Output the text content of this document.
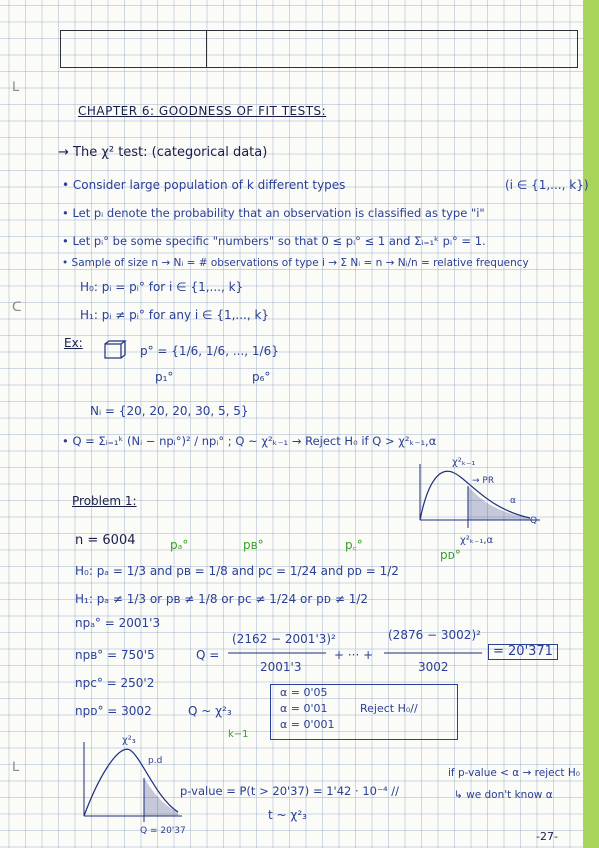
ᒪ
ᑕ
ᒪ
CHAPTER 6: GOODNESS OF FIT TESTS:
→ The χ² test: (categorical data)
• Consider large population of k different types	(i ∈ {1,..., k})
• Let pᵢ denote the probability that an observation is classified as type "i"
• Let pᵢ° be some specific "numbers" so that 0 ≤ pᵢ° ≤ 1 and Σᵢ₌₁ᵏ pᵢ° = 1.
• Sample of size n → Nᵢ = # observations of type i → Σ Nᵢ = n → Nᵢ/n = relative frequency
H₀: pᵢ = pᵢ° for i ∈ {1,..., k}
H₁: pᵢ ≠ pᵢ° for any i ∈ {1,..., k}
Ex:
p° = {1/6, 1/6, ..., 1/6}
p₁°	p₆°
Nᵢ = {20, 20, 20, 30, 5, 5}
• Q = Σᵢ₌₁ᵏ (Nᵢ − npᵢ°)² / npᵢ° ; Q ~ χ²ₖ₋₁ → Reject H₀ if Q > χ²ₖ₋₁,α
χ²ₖ₋₁
→ PR
α
χ²ₖ₋₁,α
Q
Problem 1:
n = 6004	pₐ°	pʙ°	p꜀°
pᴅ°
H₀: pₐ = 1/3 and pʙ = 1/8 and pᴄ = 1/24 and pᴅ = 1/2
H₁: pₐ ≠ 1/3 or pʙ ≠ 1/8 or pᴄ ≠ 1/24 or pᴅ ≠ 1/2
npₐ° = 2001'3
npʙ° = 750'5
npᴄ° = 250'2
npᴅ° = 3002
Q =
(2162 − 2001'3)²
2001'3
+ ··· +
(2876 − 3002)²
3002
= 20'371
Q ~ χ²₃
k−1
α = 0'05
α = 0'01
α = 0'001
Reject H₀//
χ²₃
p.d
Q = 20'37
p-value = P(t > 20'37) = 1'42 · 10⁻⁴ //
t ~ χ²₃
if p-value < α → reject H₀
↳ we don't know α
-27-
